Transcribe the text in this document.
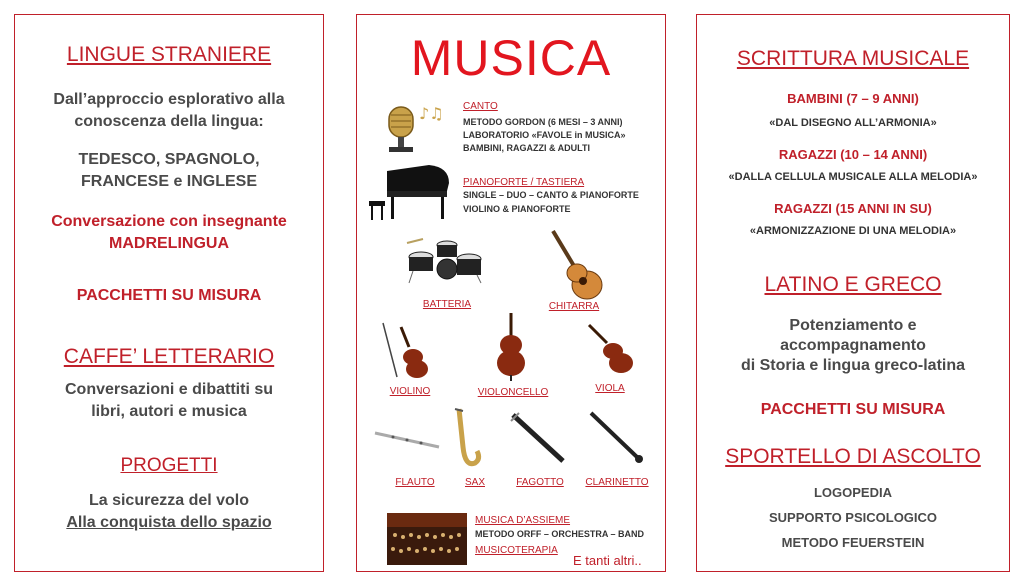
LINGUE STRANIERE
Dall’approccio esplorativo alla
conoscenza della lingua:
TEDESCO, SPAGNOLO,
FRANCESE e INGLESE
Conversazione con insegnante
MADRELINGUA
PACCHETTI SU MISURA
CAFFE’ LETTERARIO
Conversazioni e dibattiti su
libri, autori e musica
PROGETTI
La sicurezza del volo
Alla conquista dello spazio
MUSICA
♪♫ CANTO
METODO GORDON (6 MESI – 3 ANNI)
LABORATORIO «FAVOLE in MUSICA»
BAMBINI, RAGAZZI & ADULTI
PIANOFORTE / TASTIERA
SINGLE – DUO – CANTO & PIANOFORTE
VIOLINO & PIANOFORTE
BATTERIA	CHITARRA
VIOLINO	VIOLONCELLO	VIOLA
FLAUTO	SAX	FAGOTTO	CLARINETTO
MUSICA D’ASSIEME
METODO ORFF – ORCHESTRA – BAND
MUSICOTERAPIA
E tanti altri..
SCRITTURA MUSICALE
BAMBINI (7 – 9 ANNI)
«DAL DISEGNO ALL’ARMONIA»
RAGAZZI (10 – 14 ANNI)
«DALLA CELLULA MUSICALE ALLA MELODIA»
RAGAZZI (15 ANNI IN SU)
«ARMONIZZAZIONE DI UNA MELODIA»
LATINO E GRECO
Potenziamento e
accompagnamento
di Storia e lingua greco-latina
PACCHETTI SU MISURA
SPORTELLO DI ASCOLTO
LOGOPEDIA
SUPPORTO PSICOLOGICO
METODO FEUERSTEIN
